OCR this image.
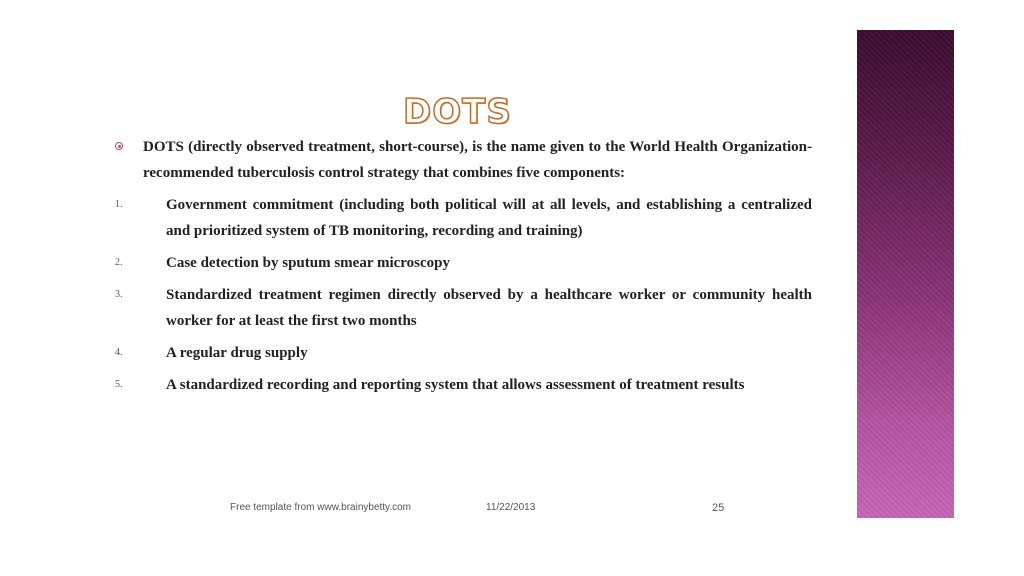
DOTS
DOTS (directly observed treatment, short-course), is the name given to the World Health Organization-recommended tuberculosis control strategy that combines five components:
1.	Government commitment (including both political will at all levels, and establishing a centralized and prioritized system of TB monitoring, recording and training)
2.	Case detection by sputum smear microscopy
3.	Standardized treatment regimen directly observed by a healthcare worker or community health worker for at least the first two months
4.	A regular drug supply
5.	A standardized recording and reporting system that allows assessment of treatment results
Free template from www.brainybetty.com	11/22/2013	25
